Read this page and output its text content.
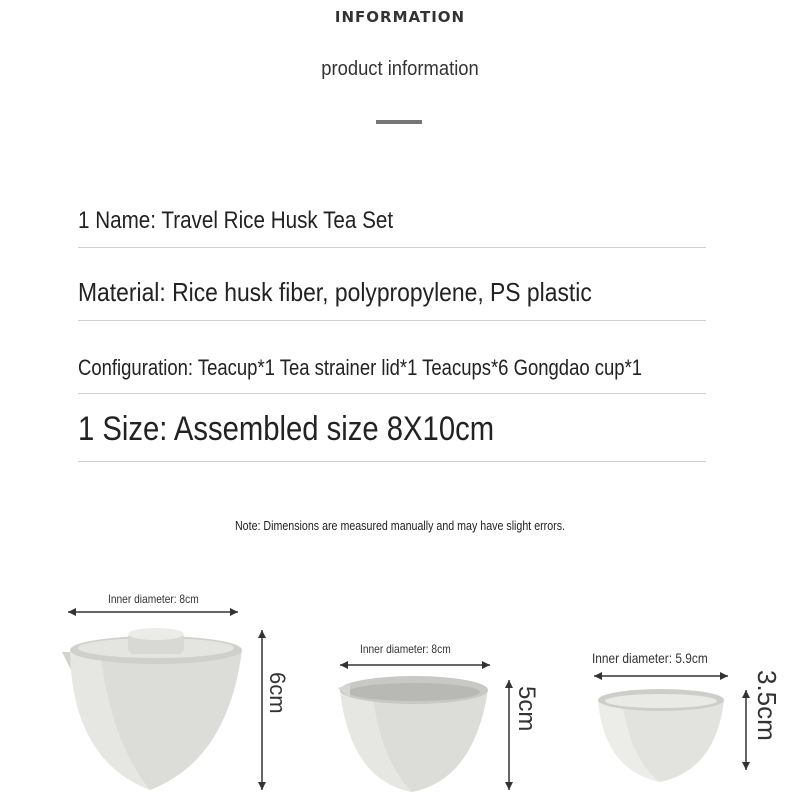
INFORMATION
product information
1 Name: Travel Rice Husk Tea Set
Material: Rice husk fiber, polypropylene, PS plastic
Configuration: Teacup*1 Tea strainer lid*1 Teacups*6 Gongdao cup*1
1 Size: Assembled size 8X10cm
Note: Dimensions are measured manually and may have slight errors.
Inner diameter: 8cm
6cm
Inner diameter: 8cm
5cm
Inner diameter: 5.9cm
3.5cm
